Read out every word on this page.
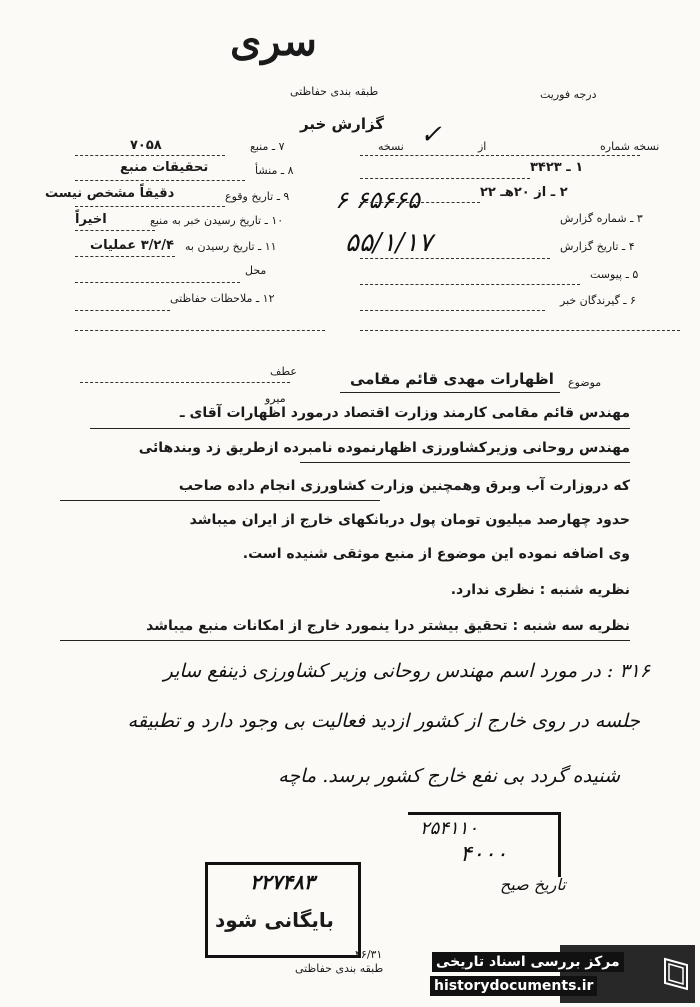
سری
طبقه بندی حفاظتی	درجه فوریت
گزارش خبر
نسخه شماره
از
نسخه ✓
۱ ـ ۳۴۲۳
۲ ـ از ۲۰هـ ۲۲
۳ ـ شماره گزارش
۶۵۶۶۵ ۶
۴ ـ تاریخ گزارش
۵۵/۱/۱۷
۵ ـ پیوست
۶ ـ گیرندگان خبر
۷ ـ منبع
۷۰۵۸
۸ ـ منشأ
تحقیقات منبع
۹ ـ تاریخ وقوع
دقیقاً مشخص نیست
۱۰ ـ تاریخ رسیدن خبر به منبع
اخیراً
۱۱ ـ تاریخ رسیدن به
۳/۲/۴ عملیات
محل
۱۲ ـ ملاحظات حفاظتی
عطف
میرو
موضوع
اظهارات مهدی قائم مقامی
مهندس قائم مقامی کارمند وزارت اقتصاد درمورد اظهارات آقای ـ
مهندس روحانی وزیرکشاورزی اظهارنموده نامبرده ازطریق زد وبندهائی
که دروزارت آب وبرق وهمچنین وزارت کشاورزی انجام داده صاحب
حدود چهارصد میلیون تومان پول دربانکهای خارج از ایران میباشد
وی اضافه نموده این موضوع از منبع موثقی شنیده است.
نظریه شنبه : نظری ندارد.
نظریه سه شنبه : تحقیق بیشتر درا ینمورد خارج از امکانات منبع میباشد
۳۱۶ : در مورد اسم مهندس روحانی وزیر کشاورزی ذینفع سایر
جلسه در روی خارج از کشور ازدید فعالیت بی وجود دارد و تطبیقه
شنیده گردد بی نفع خارج کشور برسد. ماچه
۲۵۴۱۱۰
۴۰۰۰
تاریخ صیح
۲۲۷۴۸۳
بایگانی شود
طبقه بندی حفاظتی
۴۶/۳۱	مرکز بررسی اسناد تاریخی
historydocuments.ir
